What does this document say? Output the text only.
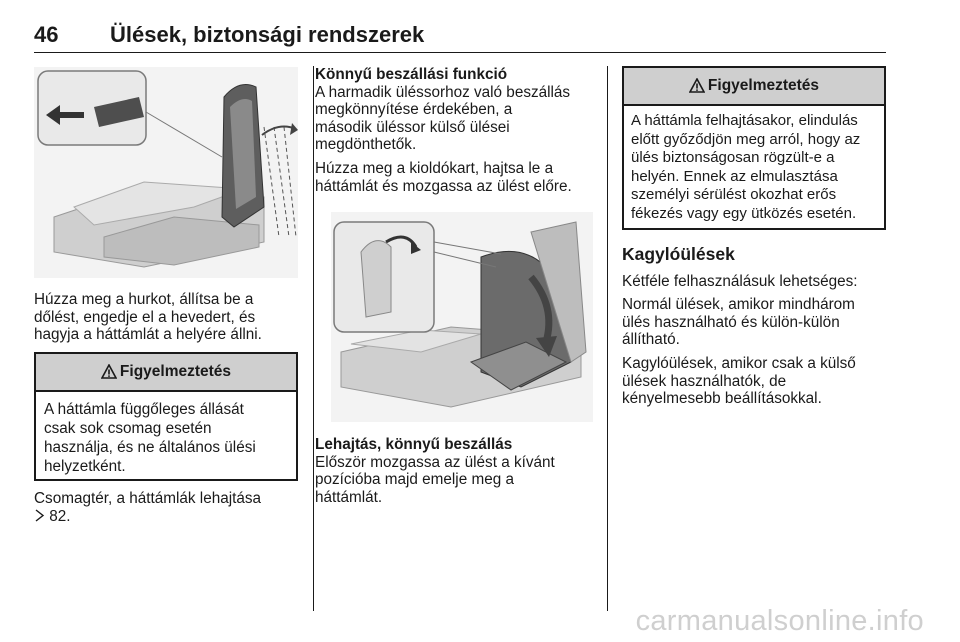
46 Ülések, biztonsági rendszerek

Húzza meg a hurkot, állítsa be a

dőlést, engedje el a hevedert, és

hagyja a háttámlát a helyére állni.

Figyelmeztetés
A háttámla függőleges állását
csak sok csomag esetén
használja, és ne általános ülési
helyzetként.

Csomagtér, a háttámlák lehajtása

82.

Könnyű beszállási funkció

A harmadik üléssorhoz való beszállás

megkönnyítése érdekében, a

második üléssor külső ülései

megdönthetők.

Húzza meg a kioldókart, hajtsa le a

háttámlát és mozgassa az ülést előre.

Lehajtás, könnyű beszállás

Először mozgassa az ülést a kívánt

pozícióba majd emelje meg a

háttámlát.

Figyelmeztetés
A háttámla felhajtásakor, elindulás
előtt győződjön meg arról, hogy az
ülés biztonságosan rögzült-e a
helyén. Ennek az elmulasztása
személyi sérülést okozhat erős
fékezés vagy egy ütközés esetén.

Kagylóülések

Kétféle felhasználásuk lehetséges:

Normál ülések, amikor mindhárom

ülés használható és külön-külön

állítható.

Kagylóülések, amikor csak a külső

ülések használhatók, de

kényelmesebb beállításokkal.

carmanualsonline.info
